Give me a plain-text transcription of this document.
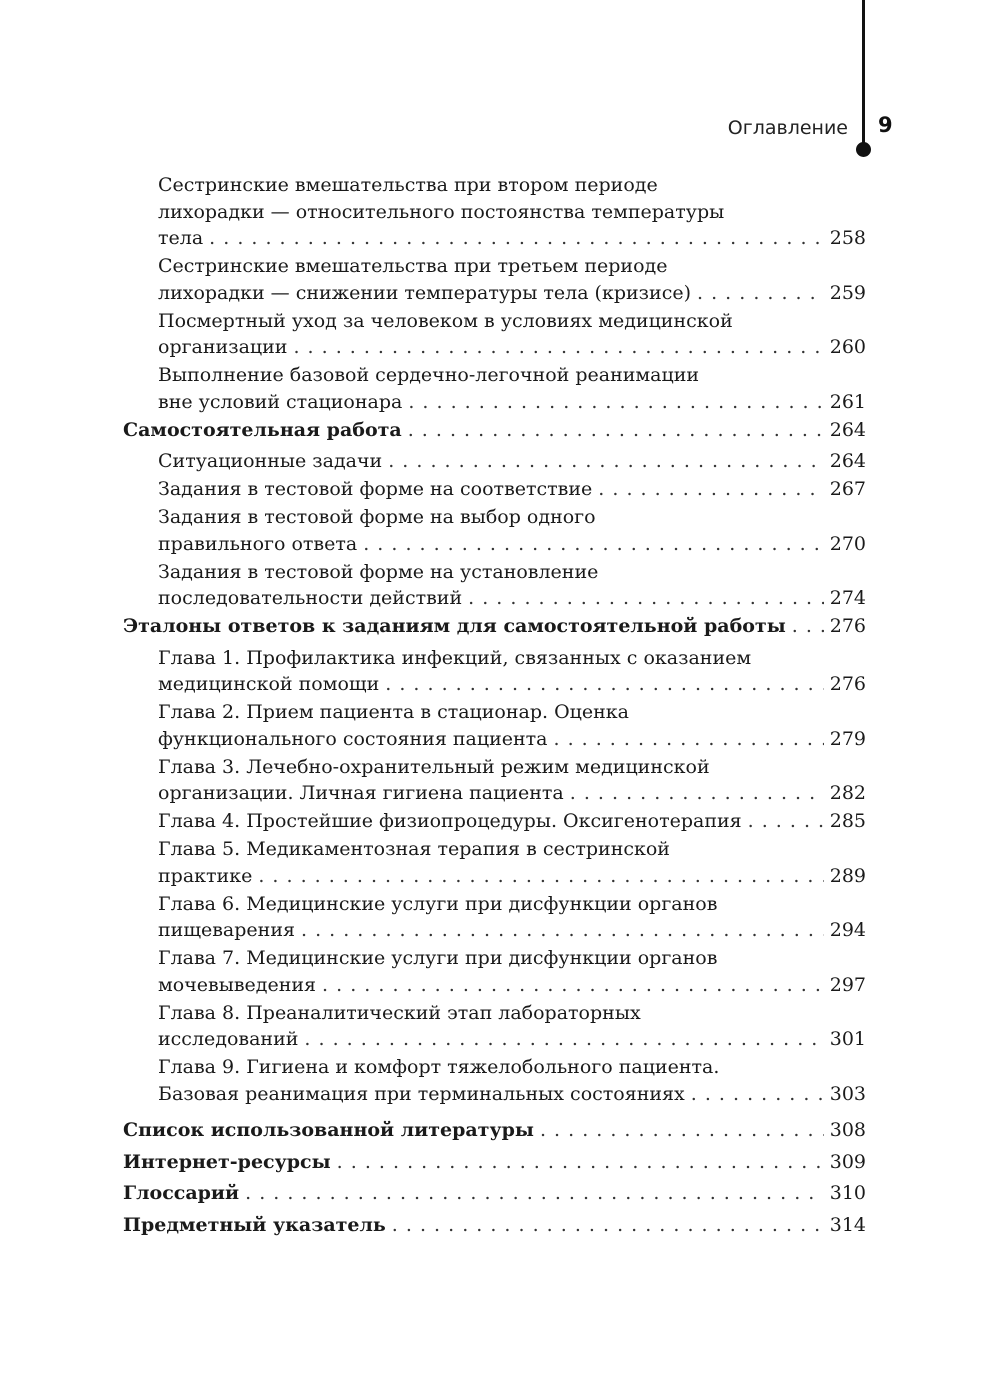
Оглавление 9
Сестринские вмешательства при втором периоде
лихорадки — относительного постоянства температуры
тела . . .	258
Сестринские вмешательства при третьем периоде
лихорадки — снижении температуры тела (кризисе) . . .	259
Посмертный уход за человеком в условиях медицинской
организации . . .	260
Выполнение базовой сердечно-легочной реанимации
вне условий стационара . . .	261
Самостоятельная работа . . .	264
Ситуационные задачи . . .	264
Задания в тестовой форме на соответствие . . .	267
Задания в тестовой форме на выбор одного
правильного ответа . . .	270
Задания в тестовой форме на установление
последовательности действий . . .	274
Эталоны ответов к заданиям для самостоятельной работы . . . 276
Глава 1. Профилактика инфекций, связанных с оказанием
медицинской помощи . . .	276
Глава 2. Прием пациента в стационар. Оценка
функционального состояния пациента . . .	279
Глава 3. Лечебно-охранительный режим медицинской
организации. Личная гигиена пациента . . .	282
Глава 4. Простейшие физиопроцедуры. Оксигенотерапия . . .	285
Глава 5. Медикаментозная терапия в сестринской
практике . . .	289
Глава 6. Медицинские услуги при дисфункции органов
пищеварения . . .	294
Глава 7. Медицинские услуги при дисфункции органов
мочевыведения . . .	297
Глава 8. Преаналитический этап лабораторных
исследований . . .	301
Глава 9. Гигиена и комфорт тяжелобольного пациента.
Базовая реанимация при терминальных состояниях . . .	303
Список использованной литературы . . .	308
Интернет-ресурсы . . .	309
Глоссарий . . .	310
Предметный указатель . . .	314
